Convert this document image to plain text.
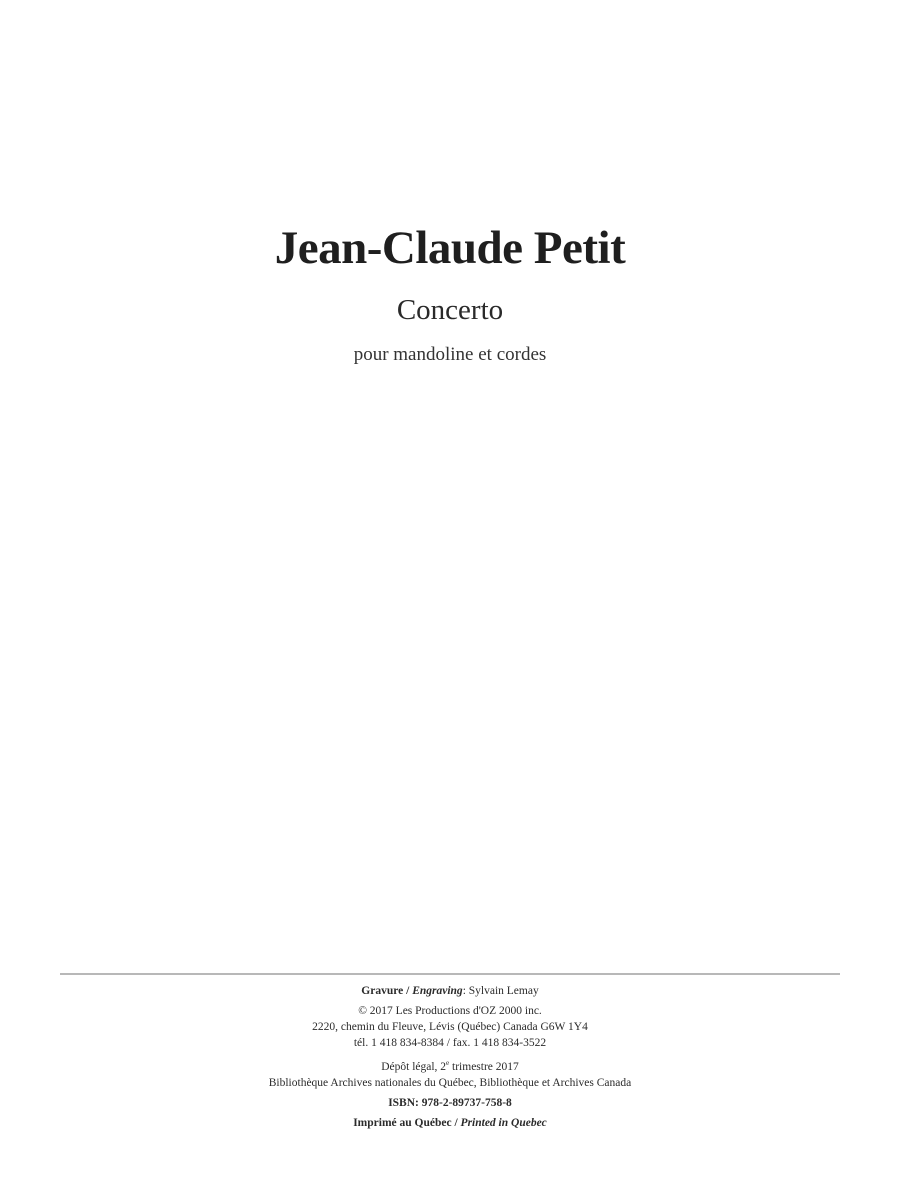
Jean-Claude Petit
Concerto
pour mandoline et cordes
Gravure / Engraving: Sylvain Lemay
© 2017 Les Productions d'OZ 2000 inc.
2220, chemin du Fleuve, Lévis (Québec) Canada G6W 1Y4
tél. 1 418 834-8384 / fax. 1 418 834-3522
Dépôt légal, 2e trimestre 2017
Bibliothèque Archives nationales du Québec, Bibliothèque et Archives Canada
ISBN: 978-2-89737-758-8
Imprimé au Québec / Printed in Quebec
